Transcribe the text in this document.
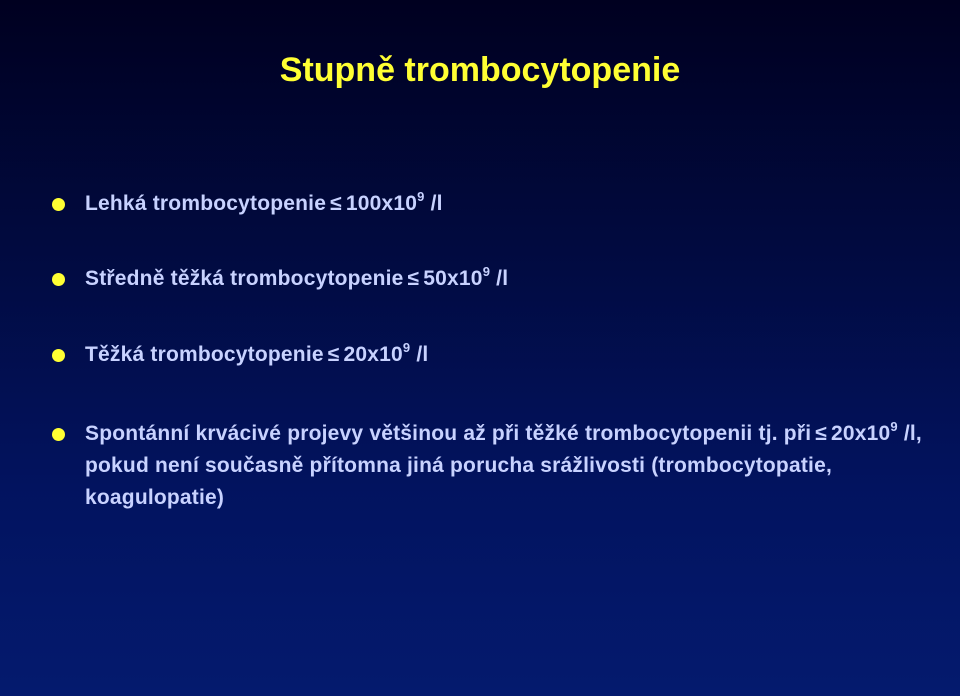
Stupně trombocytopenie
Lehká trombocytopenie ≤ $100x10^9$ /l
Středně těžká trombocytopenie ≤ $50x10^9$ /l
Těžká trombocytopenie ≤ $20x10^9$ /l
Spontánní krvácivé projevy většinou až při těžké trombocytopenii tj. při ≤ $20x10^9$ /l, pokud není současně přítomna jiná porucha srážlivosti (trombocytopatie, koagulopatie)
